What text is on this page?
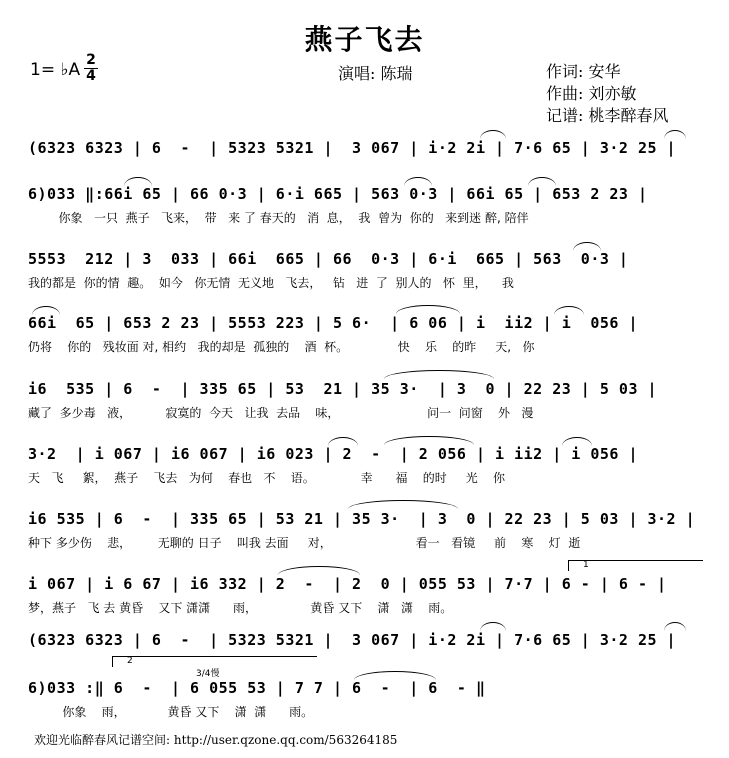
燕子飞去
1= ♭A 2
4	演唱: 陈瑞	作词: 安华
作曲: 刘亦敏
记谱: 桃李醉春风
(6323 6323 | 6  -  | 5323 5321 |  3 067 | i·2 2i | 7·6 65 | 3·2 25 |
6)033 ‖:66i 65 | 66 0·3 | 6·i 665 | 563 0·3 | 66i 65 | 653 2 23 |
你象   一只  燕子   飞来，  带   来 了 春天的   消  息，  我  曾为  你的   来到迷 醉, 陪伴
5553  212 | 3  033 | 66i  665 | 66  0·3 | 6·i  665 | 563  0·3 |
我的都是  你的情  趣。  如今   你无情  无义地   飞去，   钻   进  了  别人的   怀  里，    我
66i  65 | 653 2 23 | 5553 223 | 5 6·  | 6 06 | i  ii2 | i  056 |
仍将    你的   残妆面 对, 相约   我的却是  孤独的    酒  杯。             快    乐    的昨     天,   你
i6  535 | 6  -  | 335 65 | 53  21 | 35 3·  | 3  0 | 22 23 | 5 03 |
藏了  多少毒   液，         寂寞的  今天   让我  去品    味，                       问一  问窗    外   漫
3·2  | i 067 | i6 067 | i6 023 | 2  -  | 2 056 | i ii2 | i 056 |
天   飞     絮，  燕子    飞去   为何    春也   不    语。            幸      福    的时     光    你
i6 535 | 6  -  | 335 65 | 53 21 | 35 3·  | 3  0 | 22 23 | 5 03 | 3·2 |
种下 多少伤    悲，       无聊的 日子    叫我 去面     对，                      看一   看镜     前    寒    灯  逝
i 067 | i 6 67 | i6 332 | 2  -  | 2  0 | 055 53 | 7·7 | 6 - | 6 - |
梦，燕子   飞 去 黄昏    又下 潇潇      雨，              黄昏 又下    潇   潇    雨。
1
(6323 6323 | 6  -  | 5323 5321 |  3 067 | i·2 2i | 7·6 65 | 3·2 25 |
6)033 :‖ 6  -  | 6 055 53 | 7 7 | 6  -  | 6  - ‖
你象    雨，           黄昏 又下    潇  潇      雨。
2
3/4慢
欢迎光临醉春风记谱空间: http://user.qzone.qq.com/563264185
